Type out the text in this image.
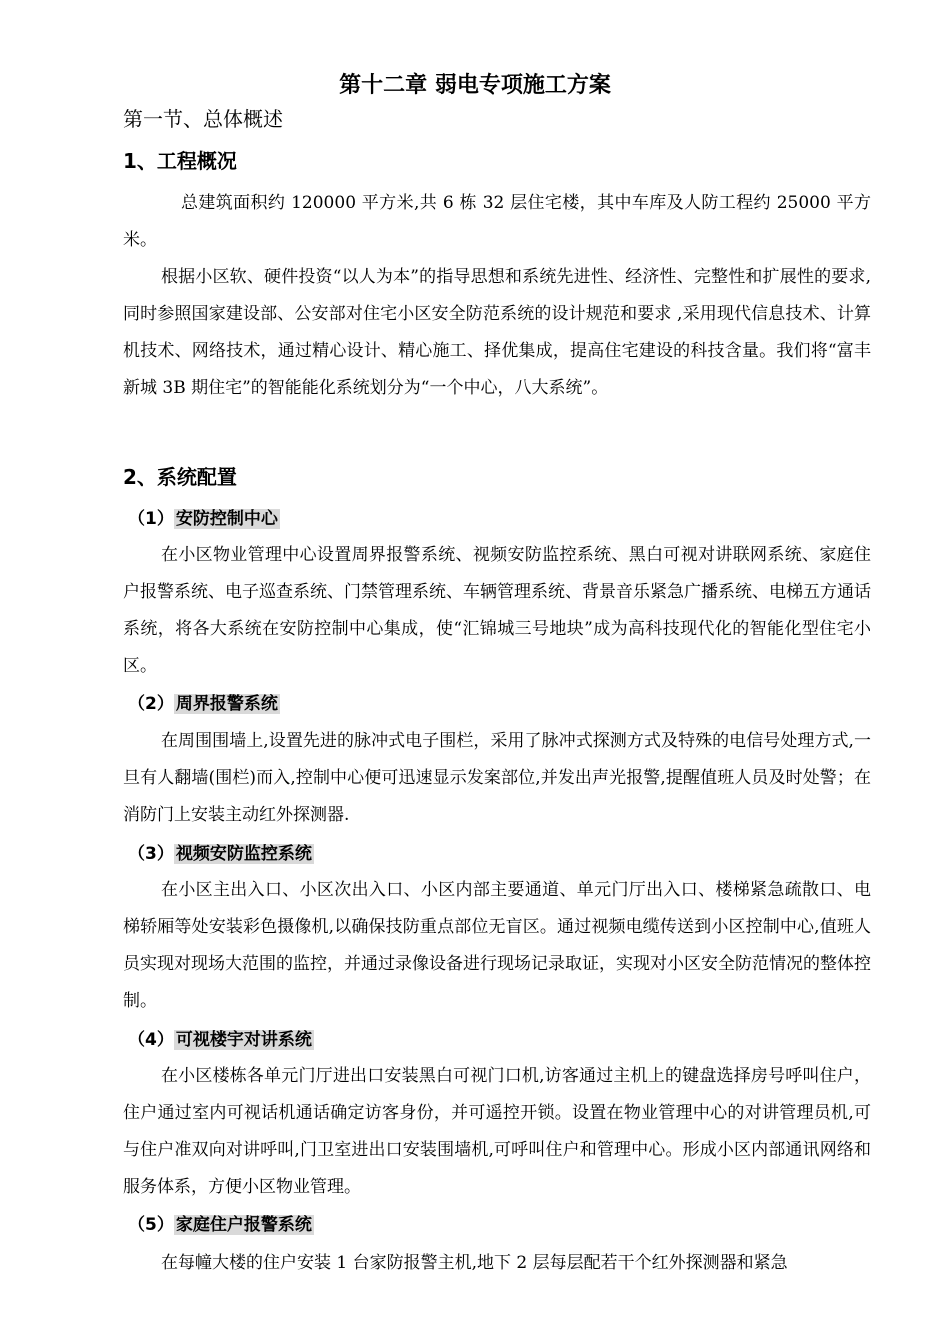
第十二章 弱电专项施工方案
第一节、总体概述
1、工程概况
总建筑面积约 120000 平方米,共 6 栋 32 层住宅楼，其中车库及人防工程约 25000 平方米。
根据小区软、硬件投资“以人为本”的指导思想和系统先进性、经济性、完整性和扩展性的要求,同时参照国家建设部、公安部对住宅小区安全防范系统的设计规范和要求 ,采用现代信息技术、计算机技术、网络技术，通过精心设计、精心施工、择优集成，提高住宅建设的科技含量。我们将“富丰新城 3B 期住宅”的智能能化系统划分为“一个中心，八大系统”。
2、系统配置
（1） 安防控制中心
在小区物业管理中心设置周界报警系统、视频安防监控系统、黑白可视对讲联网系统、家庭住户报警系统、电子巡查系统、门禁管理系统、车辆管理系统、背景音乐紧急广播系统、电梯五方通话系统，将各大系统在安防控制中心集成，使“汇锦城三号地块”成为高科技现代化的智能化型住宅小区。
（2） 周界报警系统
在周围围墙上,设置先进的脉冲式电子围栏，采用了脉冲式探测方式及特殊的电信号处理方式,一旦有人翻墙(围栏)而入,控制中心便可迅速显示发案部位,并发出声光报警,提醒值班人员及时处警；在消防门上安装主动红外探测器.
（3） 视频安防监控系统
在小区主出入口、小区次出入口、小区内部主要通道、单元门厅出入口、楼梯紧急疏散口、电梯轿厢等处安装彩色摄像机,以确保技防重点部位无盲区。通过视频电缆传送到小区控制中心,值班人员实现对现场大范围的监控，并通过录像设备进行现场记录取证，实现对小区安全防范情况的整体控制。
（4） 可视楼宇对讲系统
在小区楼栋各单元门厅进出口安装黑白可视门口机,访客通过主机上的键盘选择房号呼叫住户，住户通过室内可视话机通话确定访客身份，并可遥控开锁。设置在物业管理中心的对讲管理员机,可与住户准双向对讲呼叫,门卫室进出口安装围墙机,可呼叫住户和管理中心。形成小区内部通讯网络和服务体系，方便小区物业管理。
（5） 家庭住户报警系统
在每幢大楼的住户安装 1 台家防报警主机,地下 2 层每层配若干个红外探测器和紧急
